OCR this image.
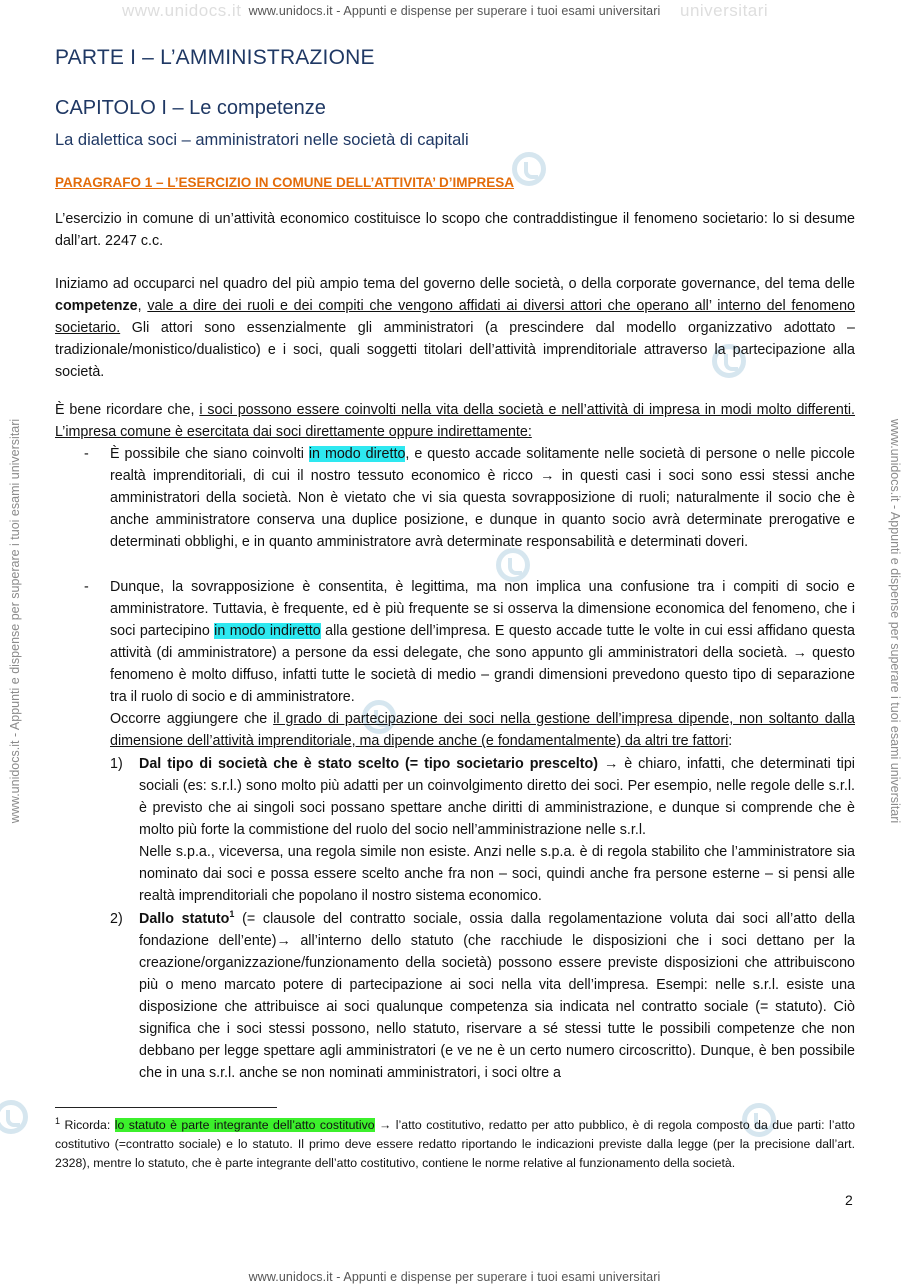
www.unidocs.it	universitari
www.unidocs.it - Appunti e dispense per superare i tuoi esami universitari
www.unidocs.it - Appunti e dispense per superare i tuoi esami universitari
www.unidocs.it - Appunti e dispense per superare i tuoi esami universitari	www.unidocs.it - Appunti e dispense per superare i tuoi esami universitari
PARTE I – L’AMMINISTRAZIONE
CAPITOLO I – Le competenze
La dialettica soci – amministratori nelle società di capitali
PARAGRAFO 1 – L’ESERCIZIO IN COMUNE DELL’ATTIVITA’ D’IMPRESA

L’esercizio in comune di un’attività economico costituisce lo scopo che contraddistingue il fenomeno societario: lo si desume dall’art. 2247 c.c.

Iniziamo ad occuparci nel quadro del più ampio tema del governo delle società, o della corporate governance, del tema delle competenze, vale a dire dei ruoli e dei compiti che vengono affidati ai diversi attori che operano all’ interno del fenomeno societario. Gli attori sono essenzialmente gli amministratori (a prescindere dal modello organizzativo adottato – tradizionale/monistico/dualistico) e i soci, quali soggetti titolari dell’attività imprenditoriale attraverso la partecipazione alla società.

È bene ricordare che, i soci possono essere coinvolti nella vita della società e nell’attività di impresa in modi molto differenti. L’impresa comune è esercitata dai soci direttamente oppure indirettamente:

- È possibile che siano coinvolti in modo diretto, e questo accade solitamente nelle società di persone o nelle piccole realtà imprenditoriali, di cui il nostro tessuto economico è ricco → in questi casi i soci sono essi stessi anche amministratori della società. Non è vietato che vi sia questa sovrapposizione di ruoli; naturalmente il socio che è anche amministratore conserva una duplice posizione, e dunque in quanto socio avrà determinate prerogative e determinati obblighi, e in quanto amministratore avrà determinate responsabilità e determinati doveri.
- Dunque, la sovrapposizione è consentita, è legittima, ma non implica una confusione tra i compiti di socio e amministratore. Tuttavia, è frequente, ed è più frequente se si osserva la dimensione economica del fenomeno, che i soci partecipino in modo indiretto alla gestione dell’impresa. E questo accade tutte le volte in cui essi affidano questa attività (di amministratore) a persone da essi delegate, che sono appunto gli amministratori della società. → questo fenomeno è molto diffuso, infatti tutte le società di medio – grandi dimensioni prevedono questo tipo di separazione tra il ruolo di socio e di amministratore.
Occorre aggiungere che il grado di partecipazione dei soci nella gestione dell’impresa dipende, non soltanto dalla dimensione dell’attività imprenditoriale, ma dipende anche (e fondamentalmente) da altri tre fattori:
1) Dal tipo di società che è stato scelto (= tipo societario prescelto) → è chiaro, infatti, che determinati tipi sociali (es: s.r.l.) sono molto più adatti per un coinvolgimento diretto dei soci. Per esempio, nelle regole delle s.r.l. è previsto che ai singoli soci possano spettare anche diritti di amministrazione, e dunque si comprende che è molto più forte la commistione del ruolo del socio nell’amministrazione nelle s.r.l.
Nelle s.p.a., viceversa, una regola simile non esiste. Anzi nelle s.p.a. è di regola stabilito che l’amministratore sia nominato dai soci e possa essere scelto anche fra non – soci, quindi anche fra persone esterne – si pensi alle realtà imprenditoriali che popolano il nostro sistema economico.
2) Dallo statuto$^1$ (= clausole del contratto sociale, ossia dalla regolamentazione voluta dai soci all’atto della fondazione dell’ente)→ all’interno dello statuto (che racchiude le disposizioni che i soci dettano per la creazione/organizzazione/funzionamento della società) possono essere previste disposizioni che attribuiscono più o meno marcato potere di partecipazione ai soci nella vita dell’impresa. Esempi: nelle s.r.l. esiste una disposizione che attribuisce ai soci qualunque competenza sia indicata nel contratto sociale (= statuto). Ciò significa che i soci stessi possono, nello statuto, riservare a sé stessi tutte le possibili competenze che non debbano per legge spettare agli amministratori (e ve ne è un certo numero circoscritto). Dunque, è ben possibile che in una s.r.l. anche se non nominati amministratori, i soci oltre a
$^1$ Ricorda: lo statuto è parte integrante dell’atto costitutivo → l’atto costitutivo, redatto per atto pubblico, è di regola composto da due parti: l’atto costitutivo (=contratto sociale) e lo statuto. Il primo deve essere redatto riportando le indicazioni previste dalla legge (per la precisione dall’art. 2328), mentre lo statuto, che è parte integrante dell’atto costitutivo, contiene le norme relative al funzionamento della società.
2
